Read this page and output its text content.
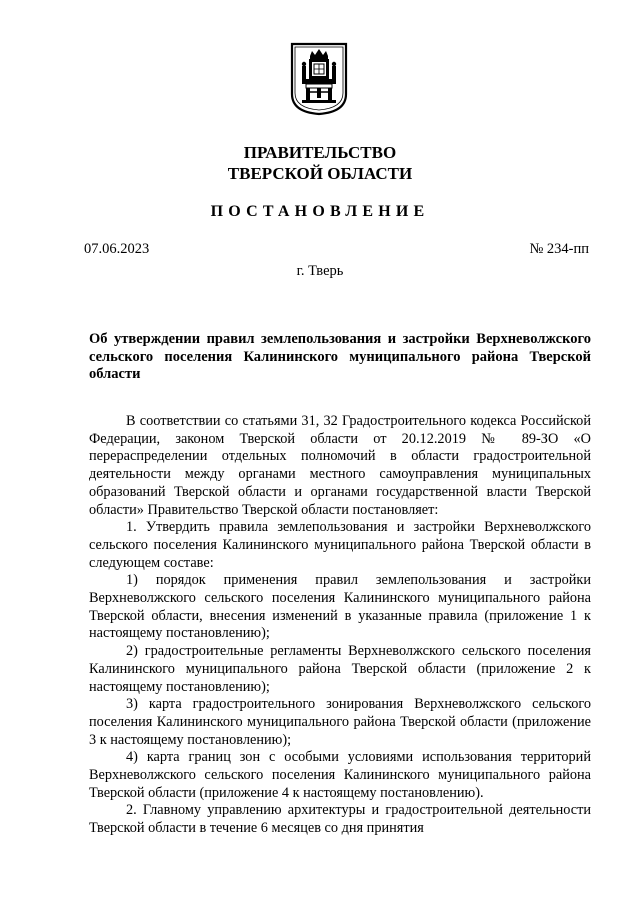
ПРАВИТЕЛЬСТВО
ТВЕРСКОЙ ОБЛАСТИ
ПОСТАНОВЛЕНИЕ
07.06.2023	№ 234-пп
г. Тверь
Об утверждении правил землепользования и застройки Верхневолжского сельского поселения Калининского муниципального района Тверской области

В соответствии со статьями 31, 32 Градостроительного кодекса Российской Федерации, законом Тверской области от 20.12.2019 № 89-ЗО «О перераспределении отдельных полномочий в области градостроительной деятельности между органами местного самоуправления муниципальных образований Тверской области и органами государственной власти Тверской области» Правительство Тверской области постановляет:

1. Утвердить правила землепользования и застройки Верхневолжского сельского поселения Калининского муниципального района Тверской области в следующем составе:

1) порядок применения правил землепользования и застройки Верхневолжского сельского поселения Калининского муниципального района Тверской области, внесения изменений в указанные правила (приложение 1 к настоящему постановлению);

2) градостроительные регламенты Верхневолжского сельского поселения Калининского муниципального района Тверской области (приложение 2 к настоящему постановлению);

3) карта градостроительного зонирования Верхневолжского сельского поселения Калининского муниципального района Тверской области (приложение 3 к настоящему постановлению);

4) карта границ зон с особыми условиями использования территорий Верхневолжского сельского поселения Калининского муниципального района Тверской области (приложение 4 к настоящему постановлению).

2. Главному управлению архитектуры и градостроительной деятельности Тверской области в течение 6 месяцев со дня принятия
